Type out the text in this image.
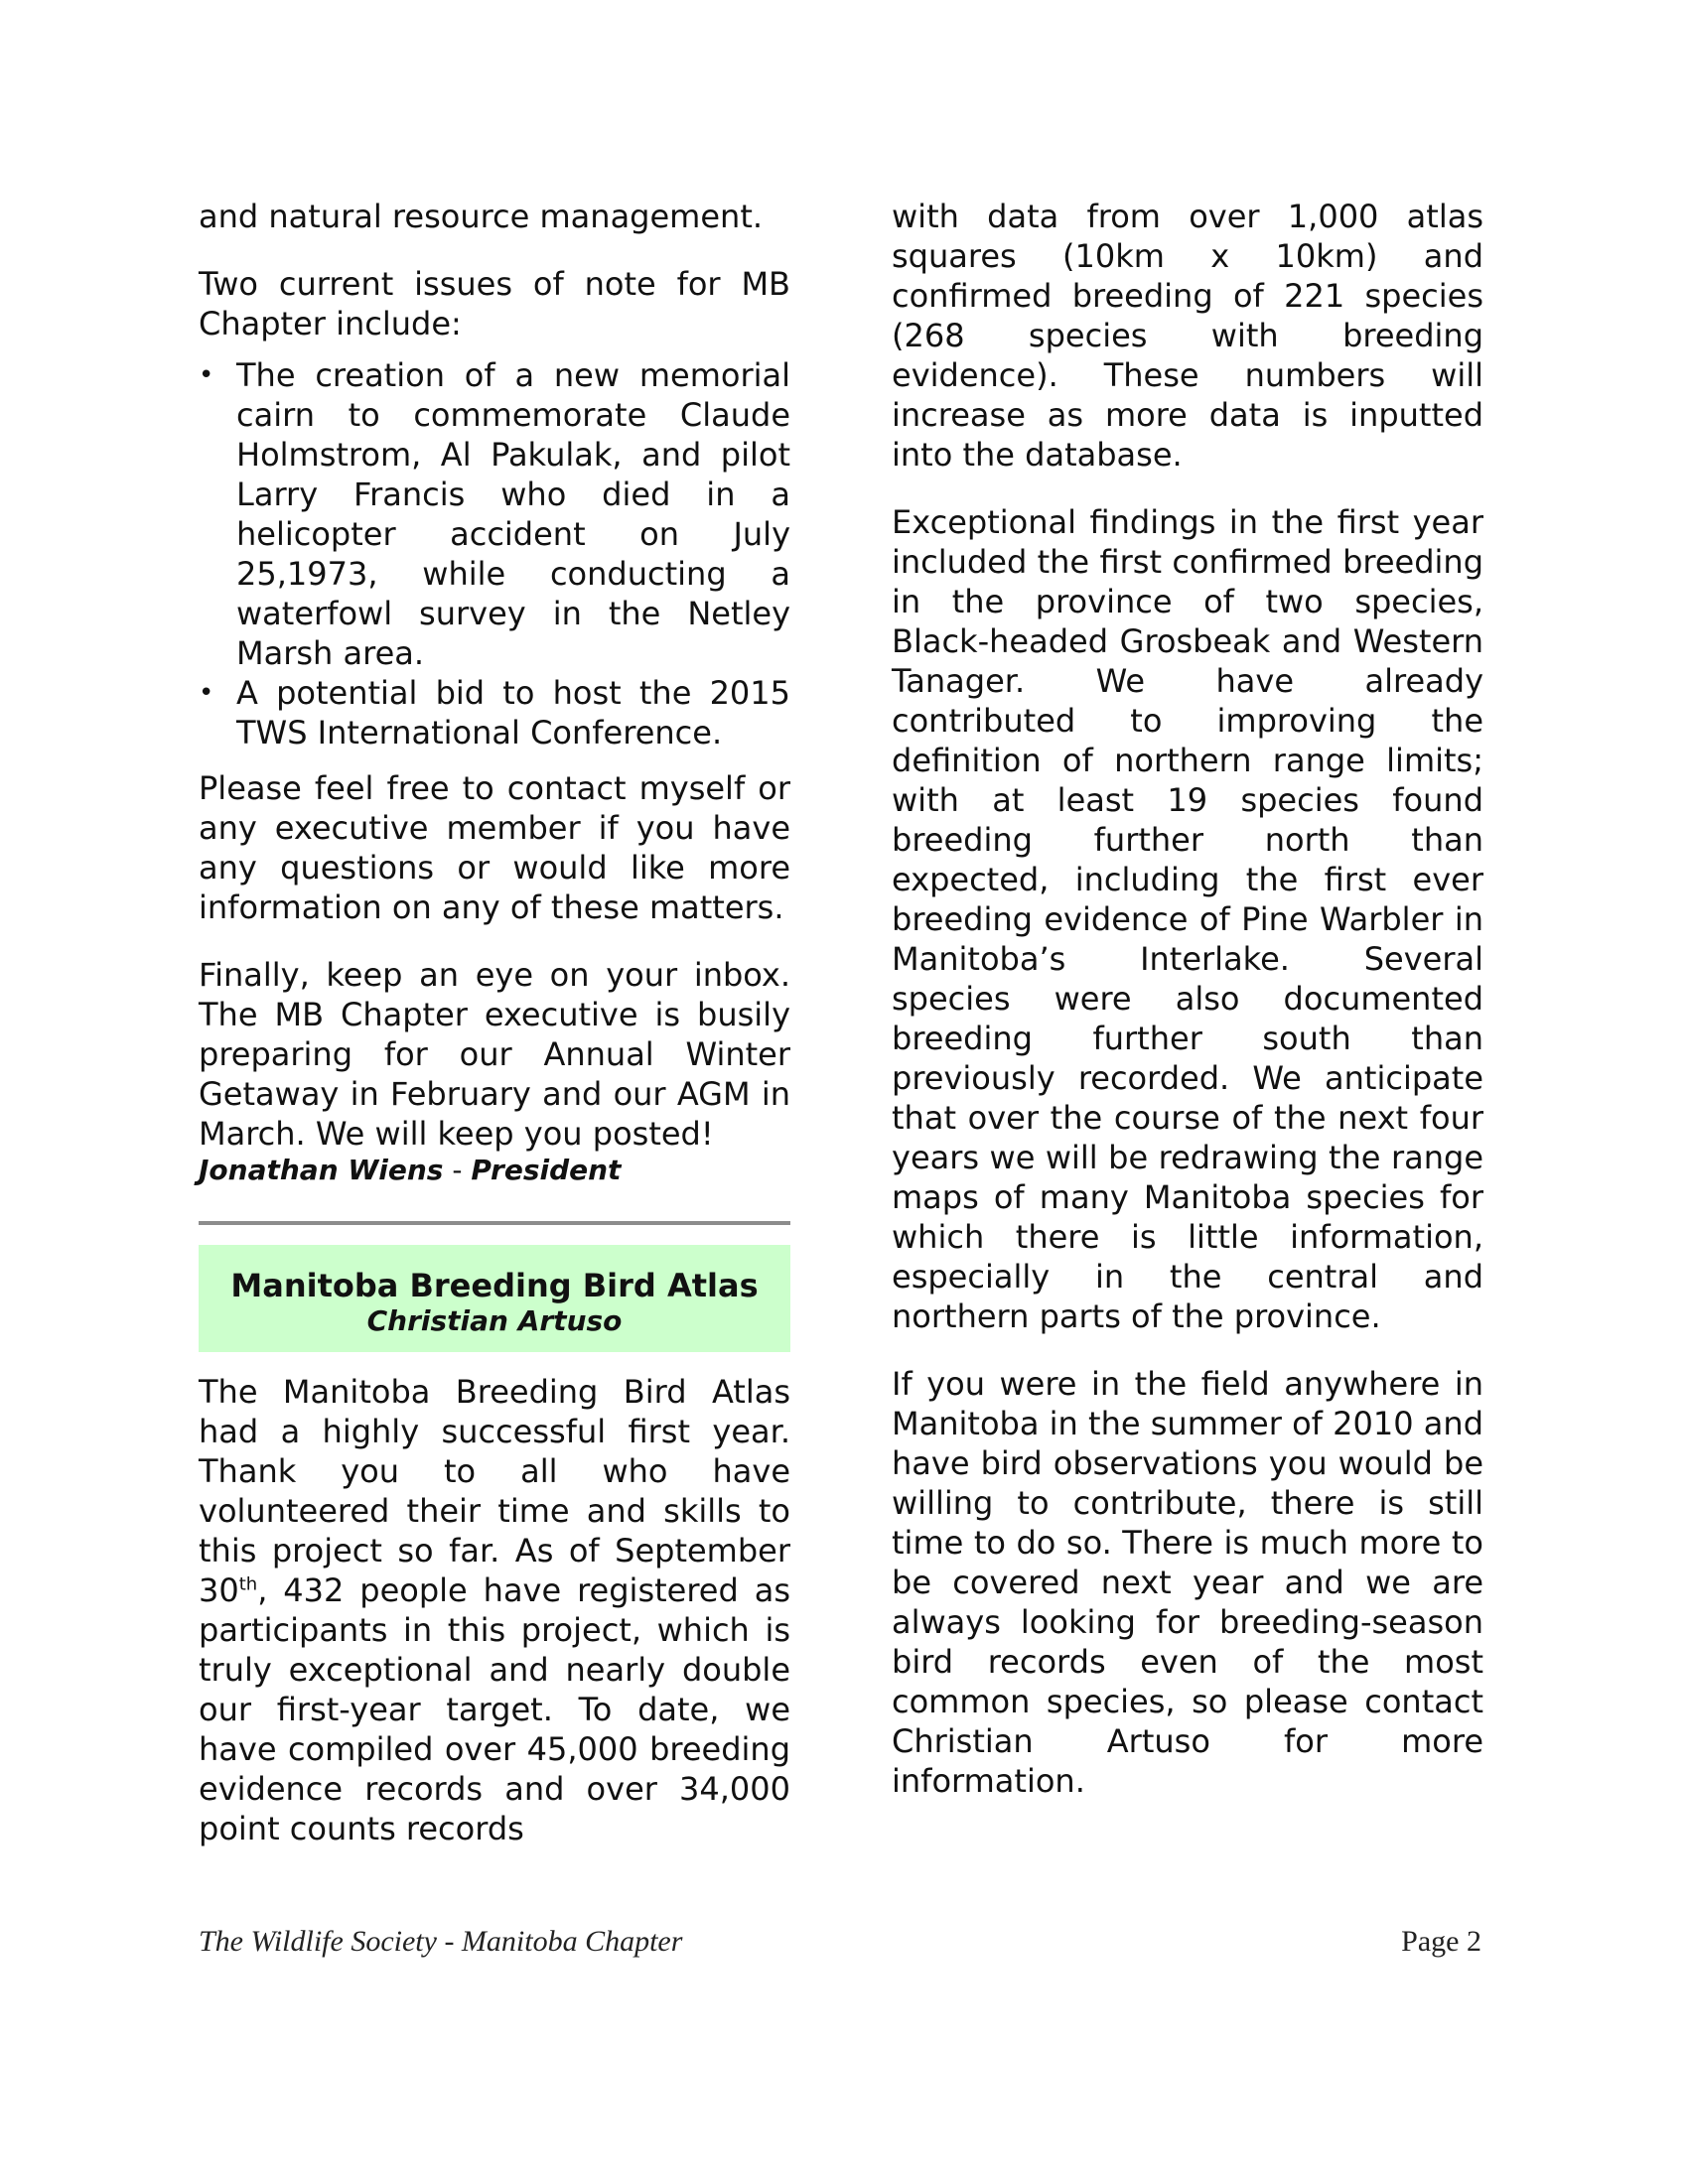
and natural resource management.

Two current issues of note for MB Chapter include:

• The creation of a new memorial cairn to commemorate Claude Holmstrom, Al Pakulak, and pilot Larry Francis who died in a helicopter accident on July 25,1973, while conducting a waterfowl survey in the Netley Marsh area.
• A potential bid to host the 2015 TWS International Conference.

Please feel free to contact myself or any executive member if you have any questions or would like more information on any of these matters.

Finally, keep an eye on your inbox. The MB Chapter executive is busily preparing for our Annual Winter Getaway in February and our AGM in March. We will keep you posted!

Jonathan Wiens - President
Manitoba Breeding Bird Atlas
Christian Artuso

The Manitoba Breeding Bird Atlas had a highly successful first year. Thank you to all who have volunteered their time and skills to this project so far. As of September 30th, 432 people have registered as participants in this project, which is truly exceptional and nearly double our first-year target. To date, we have compiled over 45,000 breeding evidence records and over 34,000 point counts records

with data from over 1,000 atlas squares (10km x 10km) and confirmed breeding of 221 species (268 species with breeding evidence). These numbers will increase as more data is inputted into the database.

Exceptional findings in the first year included the first confirmed breeding in the province of two species, Black-headed Grosbeak and Western Tanager. We have already contributed to improving the definition of northern range limits; with at least 19 species found breeding further north than expected, including the first ever breeding evidence of Pine Warbler in Manitoba’s Interlake. Several species were also documented breeding further south than previously recorded. We anticipate that over the course of the next four years we will be redrawing the range maps of many Manitoba species for which there is little information, especially in the central and northern parts of the province.

If you were in the field anywhere in Manitoba in the summer of 2010 and have bird observations you would be willing to contribute, there is still time to do so. There is much more to be covered next year and we are always looking for breeding-season bird records even of the most common species, so please contact Christian Artuso for more information.

The Wildlife Society - Manitoba Chapter	Page 2
